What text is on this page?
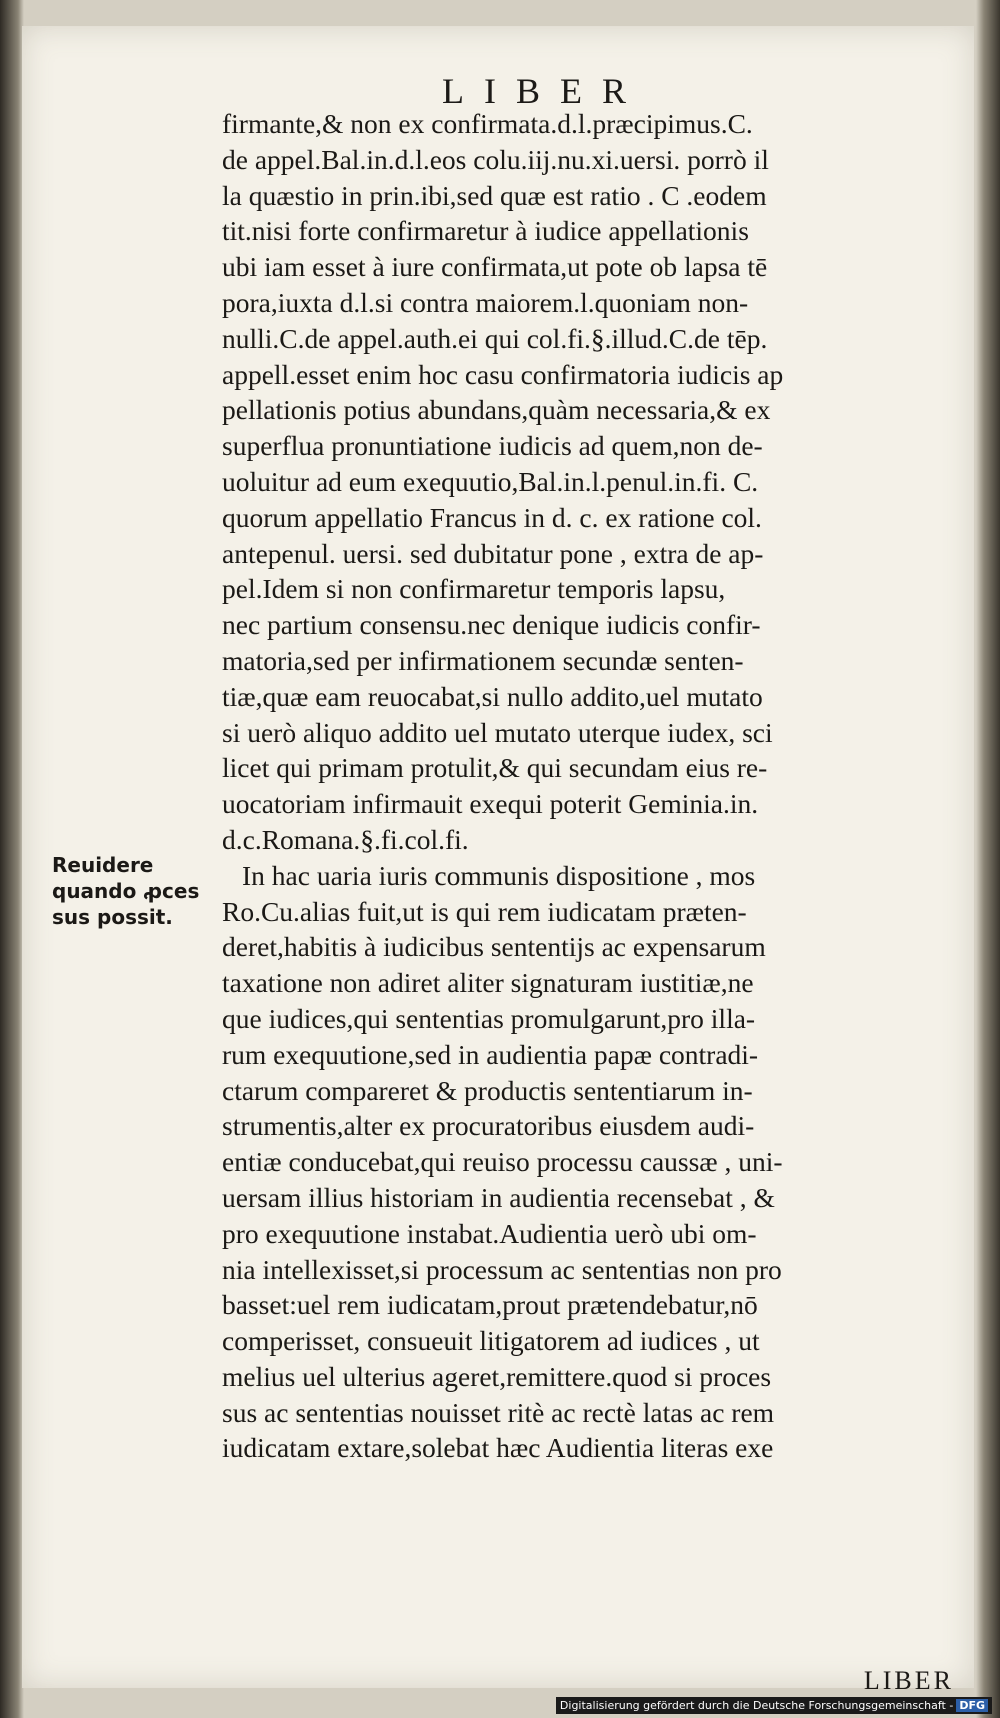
LIBER
firmante,& non ex confirmata.d.l.præcipimus.C.
de appel.Bal.in.d.l.eos colu.iij.nu.xi.uersi. porrò il
la quæstio in prin.ibi,sed quæ est ratio . C .eodem
tit.nisi forte confirmaretur à iudice appellationis
ubi iam esset à iure confirmata,ut pote ob lapsa tē
pora,iuxta d.l.si contra maiorem.l.quoniam non-
nulli.C.de appel.auth.ei qui col.fi.§.illud.C.de tēp.
appell.esset enim hoc casu confirmatoria iudicis ap
pellationis potius abundans,quàm necessaria,& ex
superflua pronuntiatione iudicis ad quem,non de-
uoluitur ad eum exequutio,Bal.in.l.penul.in.fi. C.
quorum appellatio Francus in d. c. ex ratione col.
antepenul. uersi. sed dubitatur pone , extra de ap-
pel.Idem si non confirmaretur temporis lapsu,
nec partium consensu.nec denique iudicis confir-
matoria,sed per infirmationem secundæ senten-
tiæ,quæ eam reuocabat,si nullo addito,uel mutato
si uerò aliquo addito uel mutato uterque iudex, sci
licet qui primam protulit,& qui secundam eius re-
uocatoriam infirmauit exequi poterit Geminia.in.
d.c.Romana.§.fi.col.fi.
In hac uaria iuris communis dispositione , mos
Ro.Cu.alias fuit,ut is qui rem iudicatam præten-
deret,habitis à iudicibus sententijs ac expensarum
taxatione non adiret aliter signaturam iustitiæ,ne
que iudices,qui sententias promulgarunt,pro illa-
rum exequutione,sed in audientia papæ contradi-
ctarum compareret & productis sententiarum in-
strumentis,alter ex procuratoribus eiusdem audi-
entiæ conducebat,qui reuiso processu caussæ , uni-
uersam illius historiam in audientia recensebat , &
pro exequutione instabat.Audientia uerò ubi om-
nia intellexisset,si processum ac sententias non pro
basset:uel rem iudicatam,prout prætendebatur,nō
comperisset, consueuit litigatorem ad iudices , ut
melius uel ulterius ageret,remittere.quod si proces
sus ac sententias nouisset ritè ac rectè latas ac rem
iudicatam extare,solebat hæc Audientia literas exe
Reuidere
quando ꝓces
sus possit.
LIBER
Digitalisierung gefördert durch die Deutsche Forschungsgemeinschaft - DFG
